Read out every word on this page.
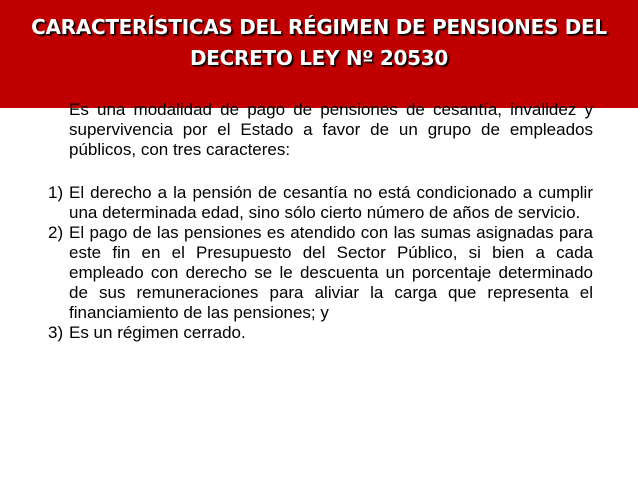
CARACTERÍSTICAS DEL RÉGIMEN DE PENSIONES DEL
DECRETO LEY Nº 20530

Es una modalidad de pago de pensiones de cesantía, invalidez y supervivencia por el Estado a favor de un grupo de empleados públicos, con tres caracteres:

1) El derecho a la pensión de cesantía no está condicionado a cumplir una determinada edad, sino sólo cierto número de años de servicio.
2) El pago de las pensiones es atendido con las sumas asignadas para este fin en el Presupuesto del Sector Público, si bien a cada empleado con derecho se le descuenta un porcentaje determinado de sus remuneraciones para aliviar la carga que representa el financiamiento de las pensiones; y
3) Es un régimen cerrado.
